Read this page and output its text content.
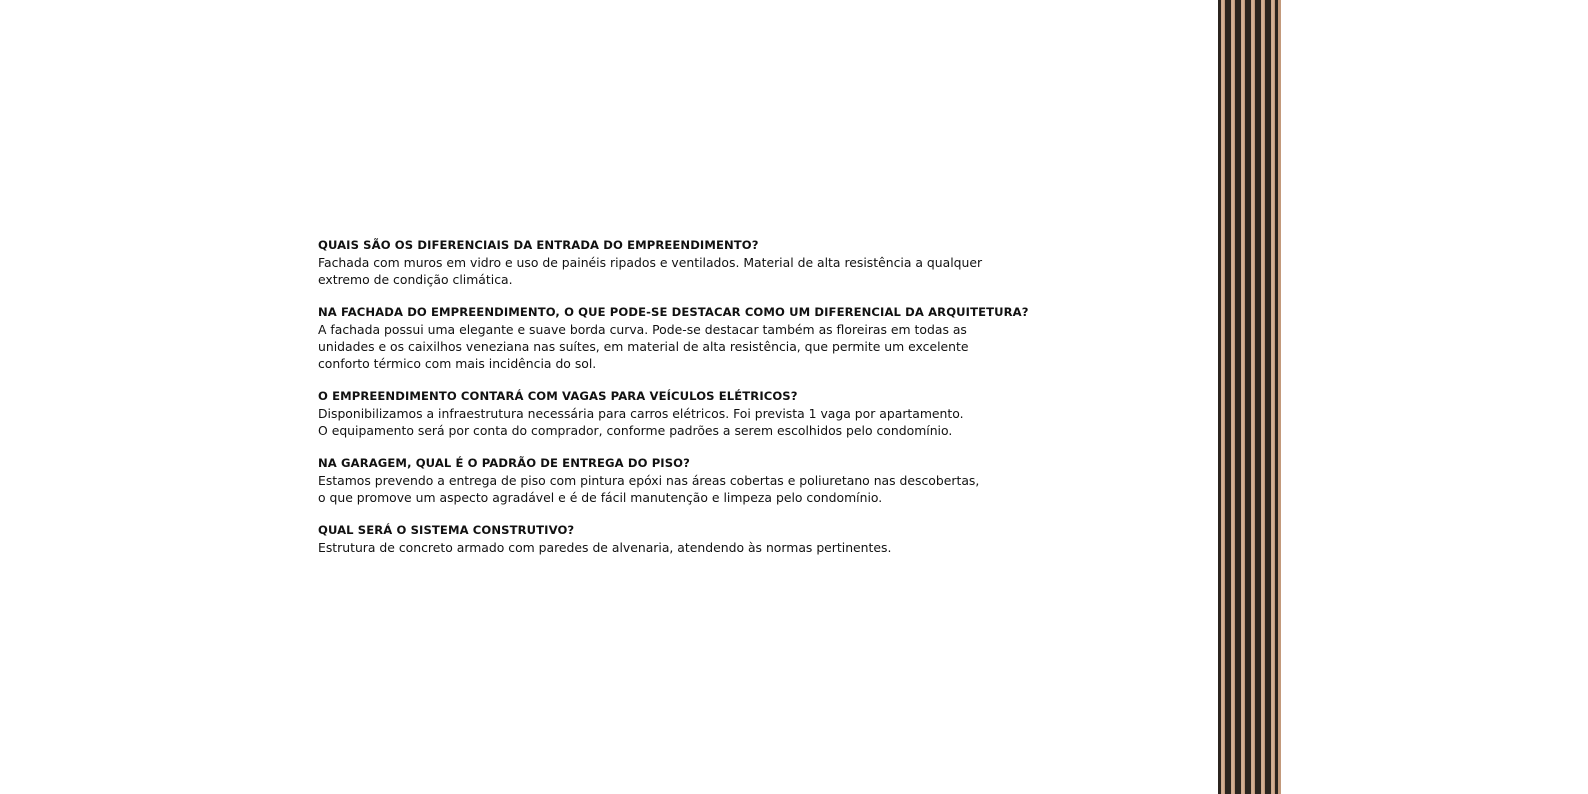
QUAIS SÃO OS DIFERENCIAIS DA ENTRADA DO EMPREENDIMENTO?

Fachada com muros em vidro e uso de painéis ripados e ventilados. Material de alta resistência a qualquer

extremo de condição climática.

NA FACHADA DO EMPREENDIMENTO, O QUE PODE-SE DESTACAR COMO UM DIFERENCIAL DA ARQUITETURA?

A fachada possui uma elegante e suave borda curva. Pode-se destacar também as floreiras em todas as

unidades e os caixilhos veneziana nas suítes, em material de alta resistência, que permite um excelente

conforto térmico com mais incidência do sol.

O EMPREENDIMENTO CONTARÁ COM VAGAS PARA VEÍCULOS ELÉTRICOS?

Disponibilizamos a infraestrutura necessária para carros elétricos. Foi prevista 1 vaga por apartamento.

O equipamento será por conta do comprador, conforme padrões a serem escolhidos pelo condomínio.

NA GARAGEM, QUAL É O PADRÃO DE ENTREGA DO PISO?

Estamos prevendo a entrega de piso com pintura epóxi nas áreas cobertas e poliuretano nas descobertas,

o que promove um aspecto agradável e é de fácil manutenção e limpeza pelo condomínio.

QUAL SERÁ O SISTEMA CONSTRUTIVO?

Estrutura de concreto armado com paredes de alvenaria, atendendo às normas pertinentes.
